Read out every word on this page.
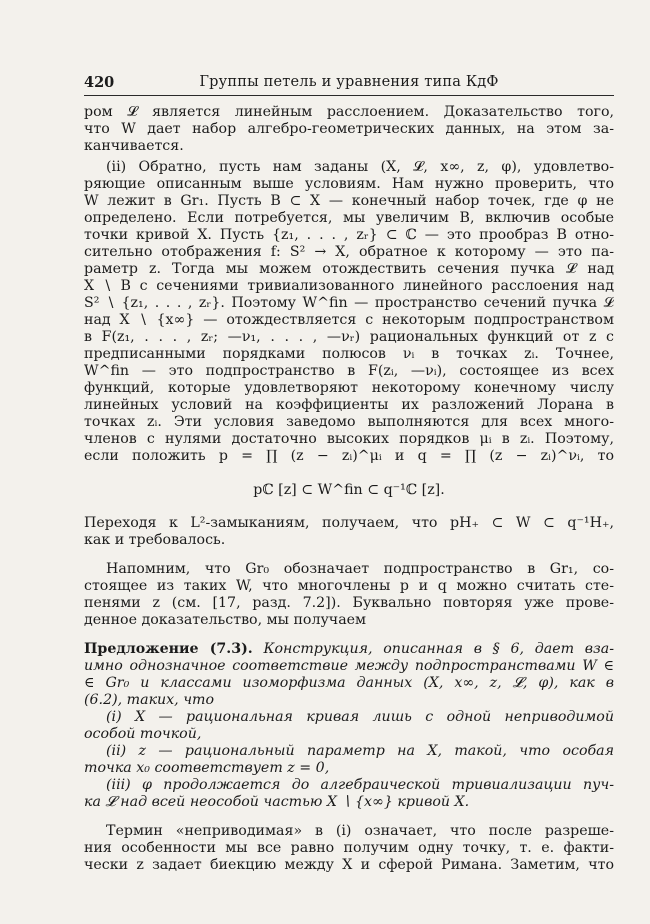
420	Группы петель и уравнения типа КдФ
ром 𝓛 является линейным расслоением. Доказательство того,
что W дает набор алгебро-геометрических данных, на этом за-
канчивается.
(ii) Обратно, пусть нам заданы (X, 𝓛, x∞, z, φ), удовлетво-
ряющие описанным выше условиям. Нам нужно проверить, что
W лежит в Gr₁. Пусть B ⊂ X — конечный набор точек, где φ не
определено. Если потребуется, мы увеличим B, включив особые
точки кривой X. Пусть {z₁, . . . , zᵣ} ⊂ ℂ — это прообраз B отно-
сительно отображения f: S² → X, обратное к которому — это па-
раметр z. Тогда мы можем отождествить сечения пучка 𝓛 над
X ∖ B с сечениями тривиализованного линейного расслоения над
S² ∖ {z₁, . . . , zᵣ}. Поэтому W^fin — пространство сечений пучка 𝓛
над X ∖ {x∞} — отождествляется с некоторым подпространством
в F(z₁, . . . , zᵣ; —ν₁, . . . , —νᵣ) рациональных функций от z с
предписанными порядками полюсов νᵢ в точках zᵢ. Точнее,
W^fin — это подпространство в F(zᵢ, —νᵢ), состоящее из всех
функций, которые удовлетворяют некоторому конечному числу
линейных условий на коэффициенты их разложений Лорана в
точках zᵢ. Эти условия заведомо выполняются для всех много-
членов с нулями достаточно высоких порядков μᵢ в zᵢ. Поэтому,
если положить p = ∏ (z − zᵢ)^μᵢ и q = ∏ (z − zᵢ)^νᵢ, то
pℂ [z] ⊂ W^fin ⊂ q⁻¹ℂ [z].
Переходя к L²-замыканиям, получаем, что pH₊ ⊂ W ⊂ q⁻¹H₊,
как и требовалось.
Напомним, что Gr₀ обозначает подпространство в Gr₁, со-
стоящее из таких W, что многочлены p и q можно считать сте-
пенями z (см. [17, разд. 7.2]). Буквально повторяя уже прове-
денное доказательство, мы получаем
Предложение (7.3). Конструкция, описанная в § 6, дает вза-
имно однозначное соответствие между подпространствами W ∈
∈ Gr₀ и классами изоморфизма данных (X, x∞, z, 𝓛, φ), как в
(6.2), таких, что
(i) X — рациональная кривая лишь с одной неприводимой
особой точкой,
(ii) z — рациональный параметр на X, такой, что особая
точка x₀ соответствует z = 0,
(iii) φ продолжается до алгебраической тривиализации пуч-
ка 𝓛 над всей неособой частью X ∖ {x∞} кривой X.
Термин «неприводимая» в (i) означает, что после разреше-
ния особенности мы все равно получим одну точку, т. е. факти-
чески z задает биекцию между X и сферой Римана. Заметим, что
